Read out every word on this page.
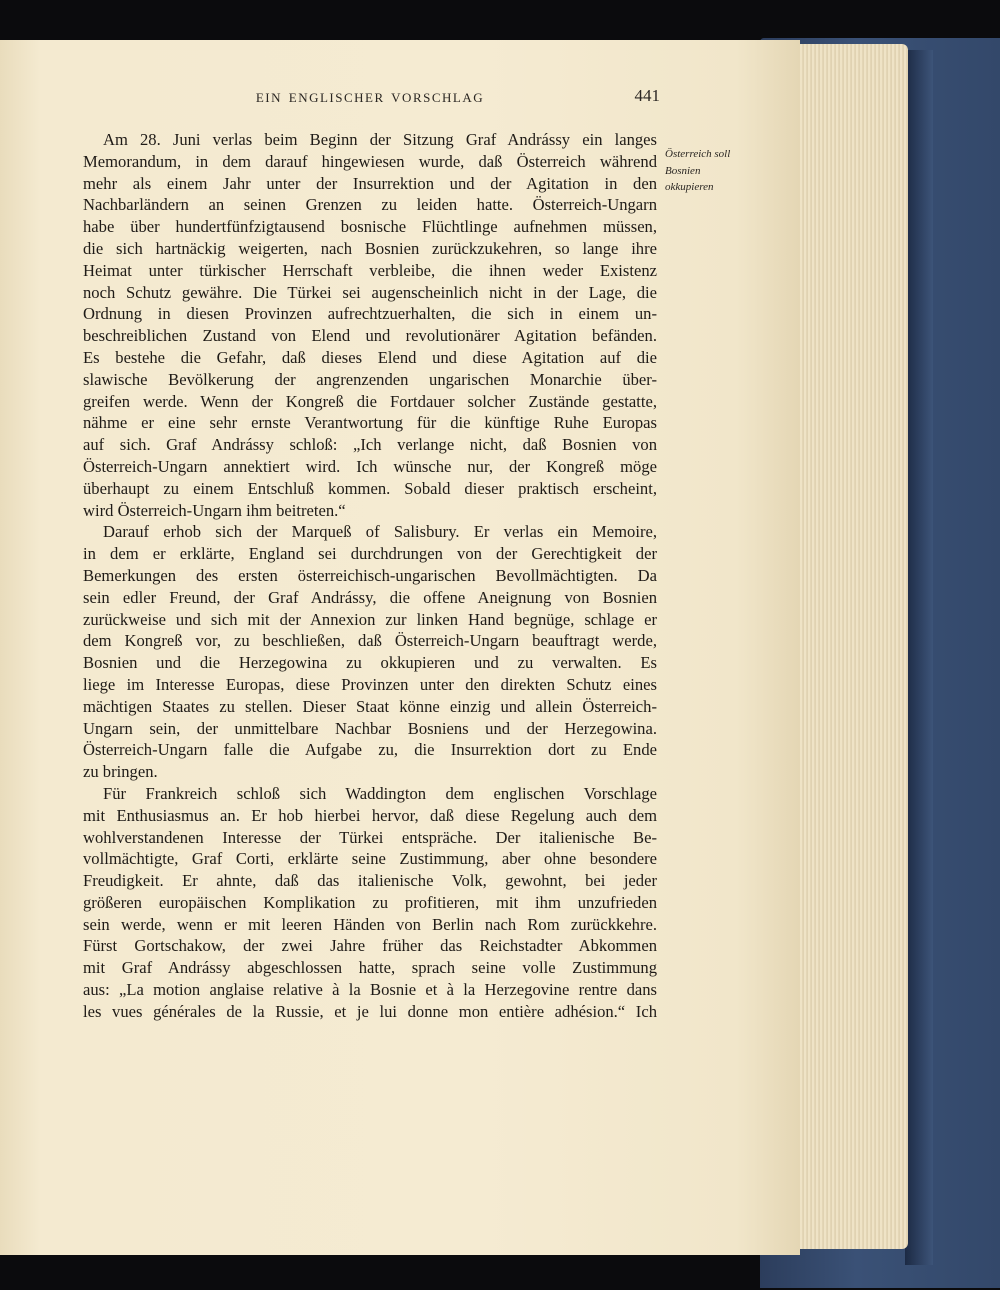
EIN ENGLISCHER VORSCHLAG	441
Österreich soll
Bosnien
okkupieren
Am 28. Juni verlas beim Beginn der Sitzung Graf Andrássy ein langes
Memorandum, in dem darauf hingewiesen wurde, daß Österreich während
mehr als einem Jahr unter der Insurrektion und der Agitation in den
Nachbarländern an seinen Grenzen zu leiden hatte. Österreich-Ungarn
habe über hundertfünfzigtausend bosnische Flüchtlinge aufnehmen müssen,
die sich hartnäckig weigerten, nach Bosnien zurückzukehren, so lange ihre
Heimat unter türkischer Herrschaft verbleibe, die ihnen weder Existenz
noch Schutz gewähre. Die Türkei sei augenscheinlich nicht in der Lage, die
Ordnung in diesen Provinzen aufrechtzuerhalten, die sich in einem un-
beschreiblichen Zustand von Elend und revolutionärer Agitation befänden.
Es bestehe die Gefahr, daß dieses Elend und diese Agitation auf die
slawische Bevölkerung der angrenzenden ungarischen Monarchie über-
greifen werde. Wenn der Kongreß die Fortdauer solcher Zustände gestatte,
nähme er eine sehr ernste Verantwortung für die künftige Ruhe Europas
auf sich. Graf Andrássy schloß: „Ich verlange nicht, daß Bosnien von
Österreich-Ungarn annektiert wird. Ich wünsche nur, der Kongreß möge
überhaupt zu einem Entschluß kommen. Sobald dieser praktisch erscheint,
wird Österreich-Ungarn ihm beitreten.“
Darauf erhob sich der Marqueß of Salisbury. Er verlas ein Memoire,
in dem er erklärte, England sei durchdrungen von der Gerechtigkeit der
Bemerkungen des ersten österreichisch-ungarischen Bevollmächtigten. Da
sein edler Freund, der Graf Andrássy, die offene Aneignung von Bosnien
zurückweise und sich mit der Annexion zur linken Hand begnüge, schlage er
dem Kongreß vor, zu beschließen, daß Österreich-Ungarn beauftragt werde,
Bosnien und die Herzegowina zu okkupieren und zu verwalten. Es
liege im Interesse Europas, diese Provinzen unter den direkten Schutz eines
mächtigen Staates zu stellen. Dieser Staat könne einzig und allein Österreich-
Ungarn sein, der unmittelbare Nachbar Bosniens und der Herzegowina.
Österreich-Ungarn falle die Aufgabe zu, die Insurrektion dort zu Ende
zu bringen.
Für Frankreich schloß sich Waddington dem englischen Vorschlage
mit Enthusiasmus an. Er hob hierbei hervor, daß diese Regelung auch dem
wohlverstandenen Interesse der Türkei entspräche. Der italienische Be-
vollmächtigte, Graf Corti, erklärte seine Zustimmung, aber ohne besondere
Freudigkeit. Er ahnte, daß das italienische Volk, gewohnt, bei jeder
größeren europäischen Komplikation zu profitieren, mit ihm unzufrieden
sein werde, wenn er mit leeren Händen von Berlin nach Rom zurückkehre.
Fürst Gortschakow, der zwei Jahre früher das Reichstadter Abkommen
mit Graf Andrássy abgeschlossen hatte, sprach seine volle Zustimmung
aus: „La motion anglaise relative à la Bosnie et à la Herzegovine rentre dans
les vues générales de la Russie, et je lui donne mon entière adhésion.“ Ich
